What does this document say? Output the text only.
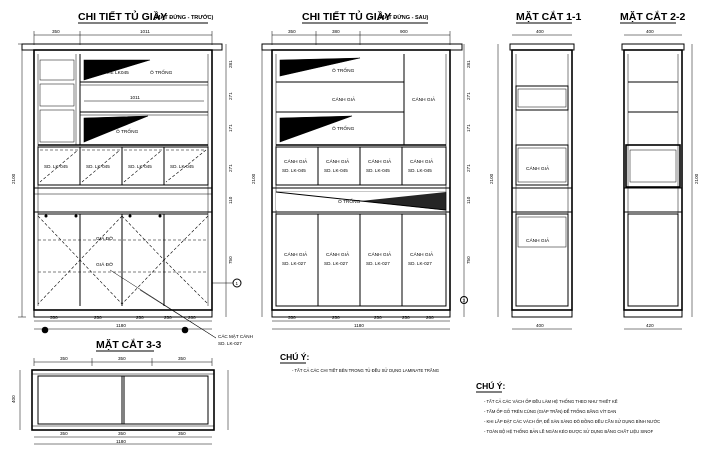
CHI TIẾT TỦ GIẦY
(MẶT ĐỨNG - TRƯỚC)	CHI TIẾT TỦ GIẦY
(MẶT ĐỨNG - SAU)	MẶT CẮT 1-1	MẶT CẮT 2-2
350	1011
KHUNG 50 TRẮNG
LAMINATE LK045	Ô TRỐNG
1011
Ô TRỐNG
SD. LK-045	SD. LK-045	SD. LK-045	SD. LK-045
GIÁ ĐỠ
GIÁ ĐỠ
350	250	250	250	260
1180
2100
281
271
171
271
110
750
1
CÁC MẶT CÁNH
SD. LK-027
350	380	900
Ô TRỐNG
CÁNH GIẢ	CÁNH GIẢ
Ô TRỐNG
CÁNH GIẢ	CÁNH GIẢ	CÁNH GIẢ	CÁNH GIẢ
SD. LK-045	SD. LK-045	SD. LK-045	SD. LK-045
Ô TRỐNG
CÁNH GIẢ	CÁNH GIẢ	CÁNH GIẢ	CÁNH GIẢ
SD. LK-027	SD. LK-027	SD. LK-027	SD. LK-027
350	250	250	250	260
1180
2100
281
271
171
271
110
750
3
400
CÁNH GIẢ
CÁNH GIẢ
400
2100
400
420
2100
MẶT CẮT 3-3
350	350	350
350	350	350
1180
400
CHÚ Ý:
- TẤT CẢ CÁC CHI TIẾT BÊN TRONG TỦ ĐỀU SỬ DỤNG LAMINATE TRẮNG
CHÚ Ý:
- TẤT CẢ CÁC VÁCH ỐP ĐỀU LÀM HỆ THỐNG THEO NHƯ THIẾT KẾ
- TẤM ỐP GỖ TRÊN CÙNG (GIÁP TRẦN) ĐỂ TRỐNG BẰNG VÍT DAN
- KHI LẮP ĐẶT CÁC VÁCH ỐP, ĐỂ SÀN SÀNG ĐÔ ĐỒNG ĐỀU CẦN SỬ DỤNG BÌNH NƯỚC
- TOÀN BỘ HỆ THỐNG BẢN LỀ NGĂN KÉO ĐƯỢC SỬ DỤNG BẰNG CHẤT LIỆU SINOF
